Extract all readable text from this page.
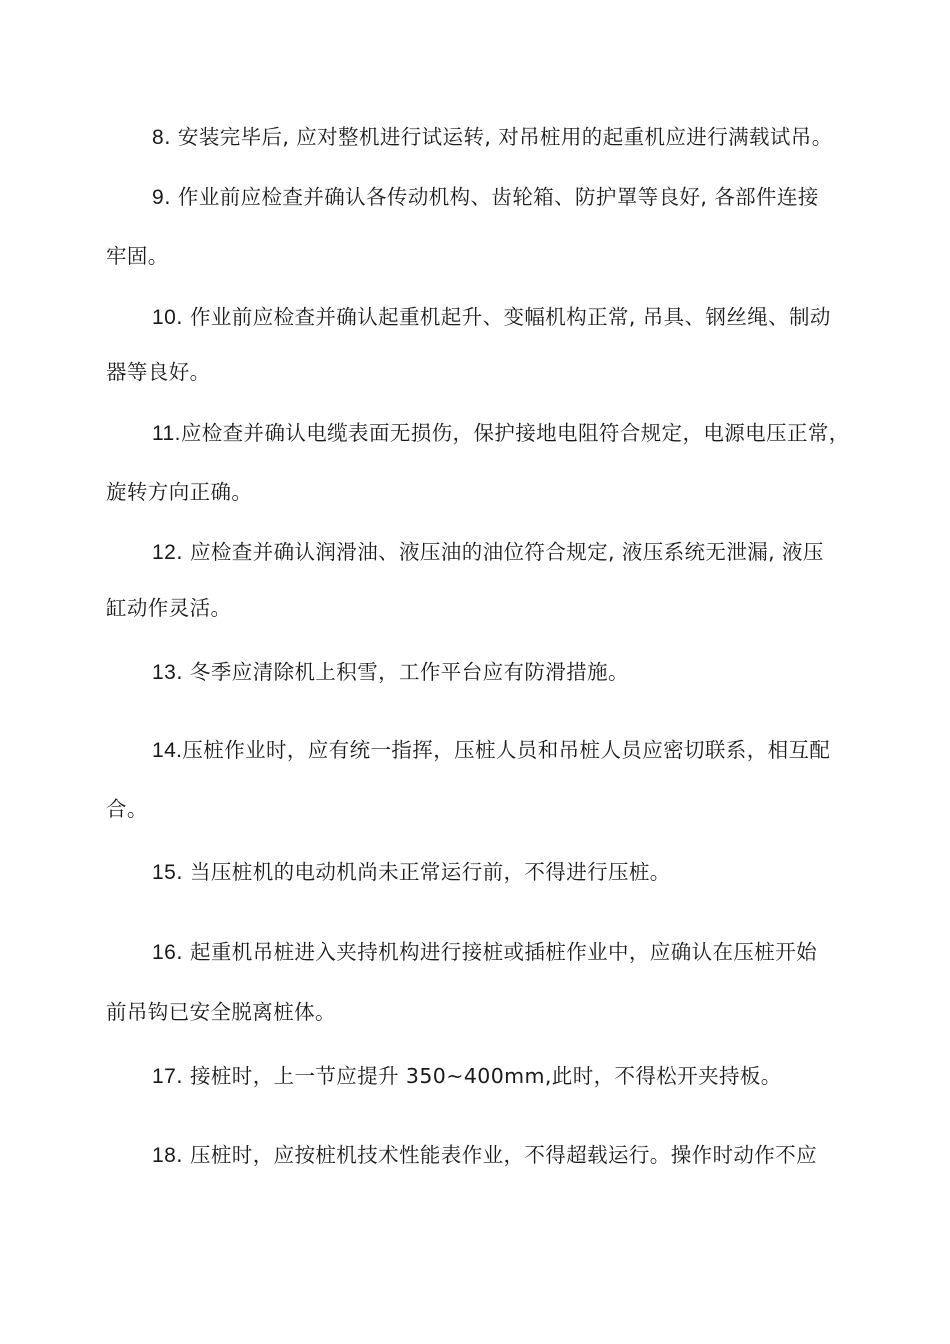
8. 安装完毕后, 应对整机进行试运转, 对吊桩用的起重机应进行满载试吊。
9. 作业前应检查并确认各传动机构、齿轮箱、防护罩等良好, 各部件连接
牢固。
10. 作业前应检查并确认起重机起升、变幅机构正常, 吊具、钢丝绳、制动
器等良好。
11.应检查并确认电缆表面无损伤，保护接地电阻符合规定，电源电压正常，
旋转方向正确。
12. 应检查并确认润滑油、液压油的油位符合规定, 液压系统无泄漏, 液压
缸动作灵活。
13. 冬季应清除机上积雪，工作平台应有防滑措施。
14.压桩作业时，应有统一指挥，压桩人员和吊桩人员应密切联系，相互配
合。
15. 当压桩机的电动机尚未正常运行前，不得进行压桩。
16. 起重机吊桩进入夹持机构进行接桩或插桩作业中，应确认在压桩开始
前吊钩已安全脱离桩体。
17. 接桩时，上一节应提升 350~400mm,此时，不得松开夹持板。
18. 压桩时，应按桩机技术性能表作业，不得超载运行。操作时动作不应
